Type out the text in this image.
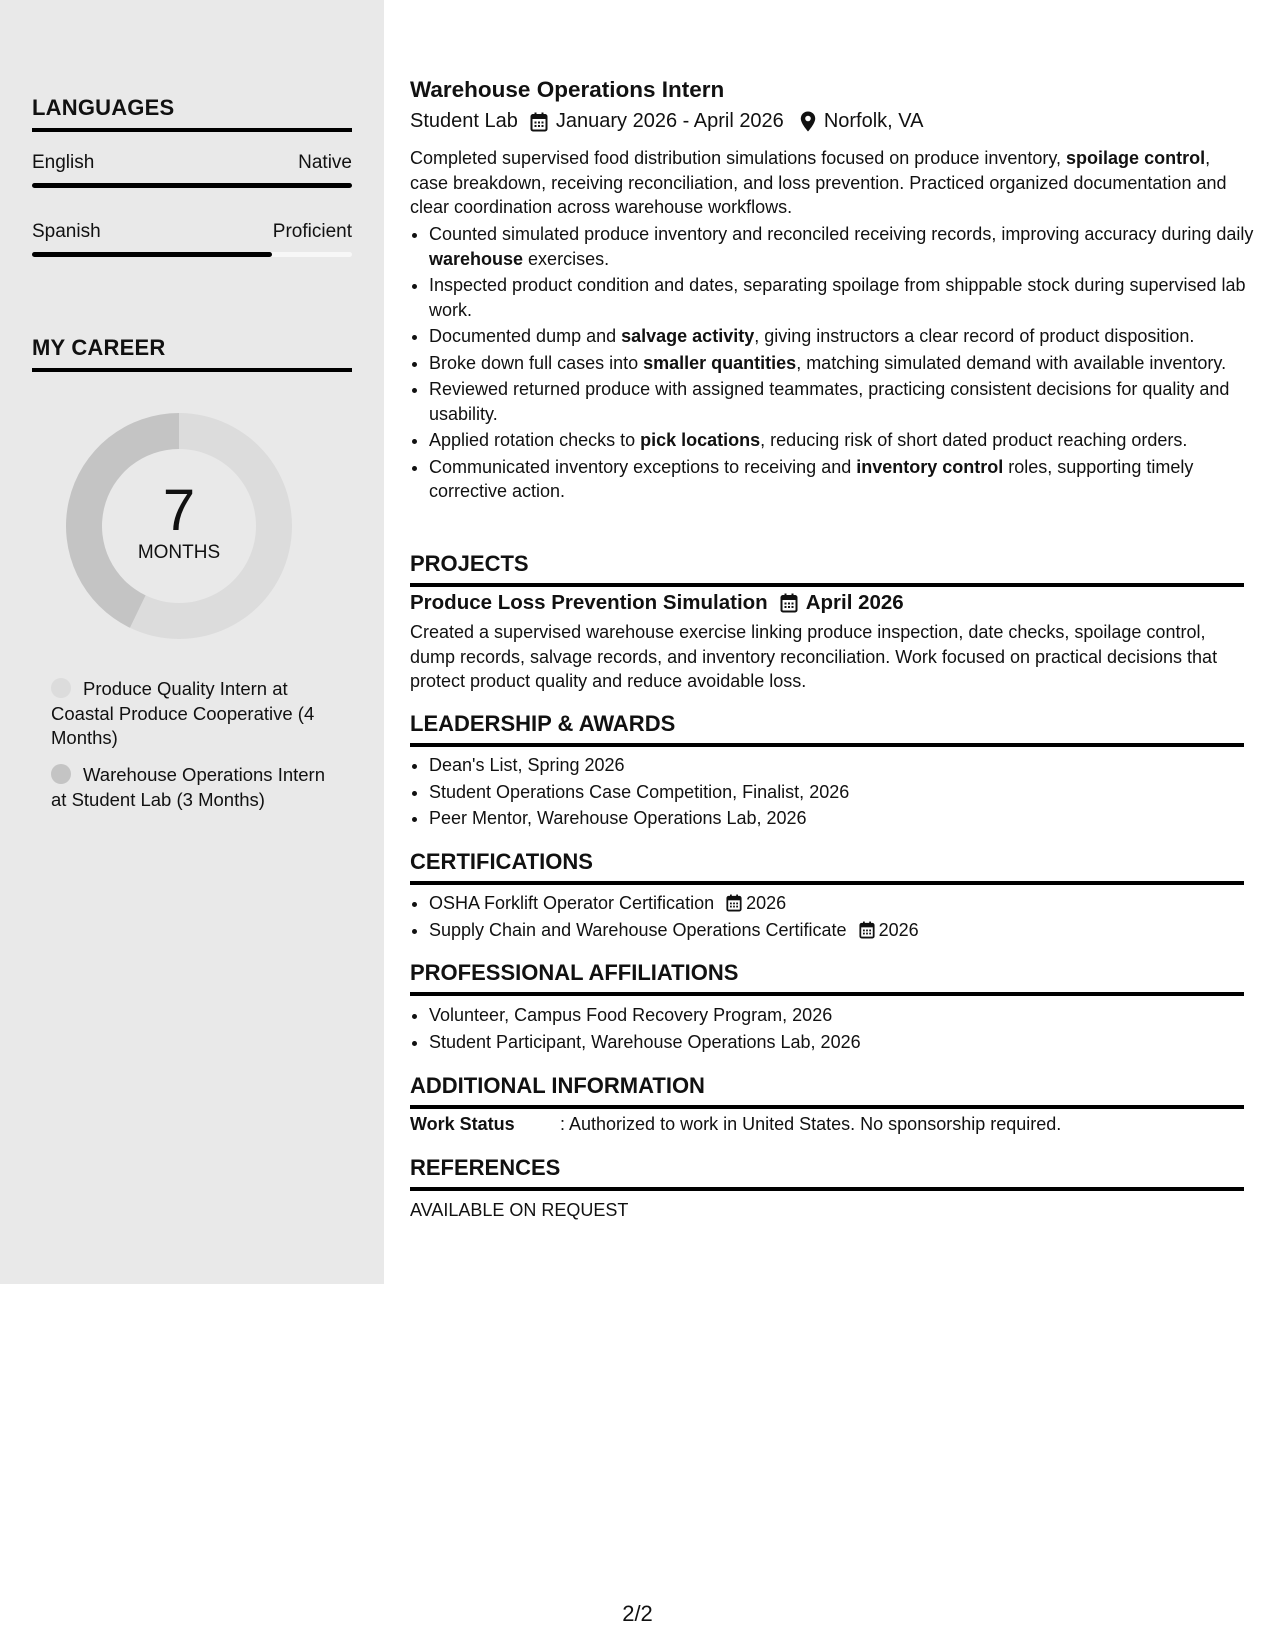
LANGUAGES
English	Native
Spanish	Proficient
MY CAREER
7
MONTHS
Produce Quality Intern at Coastal Produce Cooperative (4 Months)
Warehouse Operations Intern at Student Lab (3 Months)
Warehouse Operations Intern
Student Lab January 2026 - April 2026 Norfolk, VA
Completed supervised food distribution simulations focused on produce inventory, spoilage control, case breakdown, receiving reconciliation, and loss prevention. Practiced organized documentation and clear coordination across warehouse workflows.
• Counted simulated produce inventory and reconciled receiving records, improving accuracy during daily warehouse exercises.
• Inspected product condition and dates, separating spoilage from shippable stock during supervised lab work.
• Documented dump and salvage activity, giving instructors a clear record of product disposition.
• Broke down full cases into smaller quantities, matching simulated demand with available inventory.
• Reviewed returned produce with assigned teammates, practicing consistent decisions for quality and usability.
• Applied rotation checks to pick locations, reducing risk of short dated product reaching orders.
• Communicated inventory exceptions to receiving and inventory control roles, supporting timely corrective action.
PROJECTS
Produce Loss Prevention Simulation April 2026
Created a supervised warehouse exercise linking produce inspection, date checks, spoilage control, dump records, salvage records, and inventory reconciliation. Work focused on practical decisions that protect product quality and reduce avoidable loss.
LEADERSHIP & AWARDS
• Dean's List, Spring 2026
• Student Operations Case Competition, Finalist, 2026
• Peer Mentor, Warehouse Operations Lab, 2026
CERTIFICATIONS
• OSHA Forklift Operator Certification 2026
• Supply Chain and Warehouse Operations Certificate 2026
PROFESSIONAL AFFILIATIONS
• Volunteer, Campus Food Recovery Program, 2026
• Student Participant, Warehouse Operations Lab, 2026
ADDITIONAL INFORMATION
Work Status	: Authorized to work in United States. No sponsorship required.
REFERENCES
AVAILABLE ON REQUEST
2/2
